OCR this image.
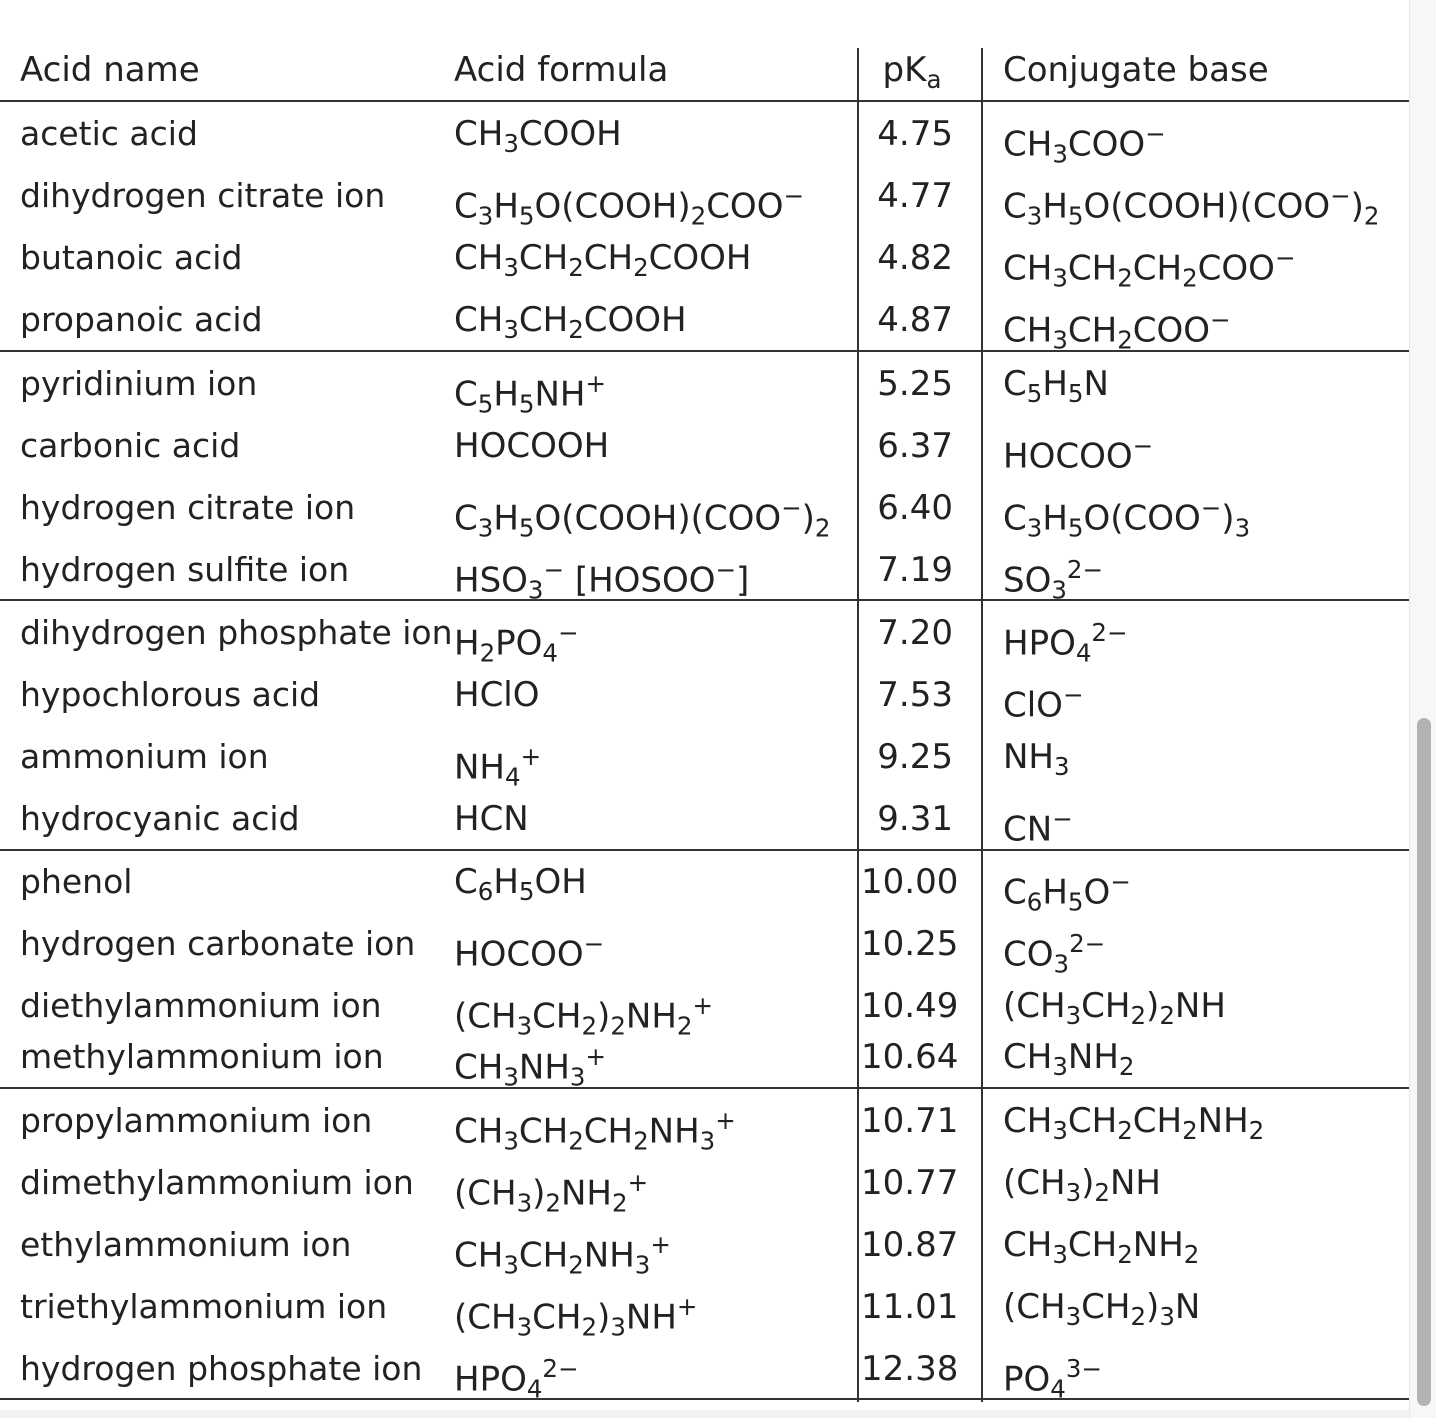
Acid name	Acid formula	$pK_a$	Conjugate base
acetic acid	$CH_3COOH$	4.75 $CH_3COO^-$
dihydrogen citrate ion $C_3H_5O(COOH)_2COO^-$	4.77 $C_3H_5O(COOH)(COO^-)_2$
butanoic acid	$CH_3CH_2CH_2COOH$	4.82 $CH_3CH_2CH_2COO^-$
propanoic acid	$CH_3CH_2COOH$	4.87 $CH_3CH_2COO^-$
pyridinium ion	$C_5H_5NH^+$	5.25 $C_5H_5N$
carbonic acid	HOCOOH	6.37 HOCOO−
hydrogen citrate ion	$C_3H_5O(COOH)(COO^-)_2$	6.40 $C_3H_5O(COO^-)_3$
hydrogen sulfite ion	$HSO_3^-$ [HOSOO−]	7.19 $SO_3^{2-}$
dihydrogen phosphate ion $H_2PO_4^-$	7.20 $HPO_4^{2-}$
hypochlorous acid	HClO	7.53 ClO−
ammonium ion	$NH_4^+$	9.25 $NH_3$
hydrocyanic acid	HCN	9.31 CN−
phenol	$C_6H_5OH$	10.00 $C_6H_5O^-$
hydrogen carbonate ion HOCOO−	10.25 $CO_3^{2-}$
diethylammonium ion $(CH_3CH_2)_2NH_2^+$	10.49 $(CH_3CH_2)_2NH$
methylammonium ion $CH_3NH_3^+$	10.64 $CH_3NH_2$
propylammonium ion $CH_3CH_2CH_2NH_3^+$	10.71 $CH_3CH_2CH_2NH_2$
dimethylammonium ion $(CH_3)_2NH_2^+$	10.77 $(CH_3)_2NH$
ethylammonium ion	$CH_3CH_2NH_3^+$	10.87 $CH_3CH_2NH_2$
triethylammonium ion $(CH_3CH_2)_3NH^+$	11.01 $(CH_3CH_2)_3N$
hydrogen phosphate ion $HPO_4^{2-}$	12.38 $PO_4^{3-}$
